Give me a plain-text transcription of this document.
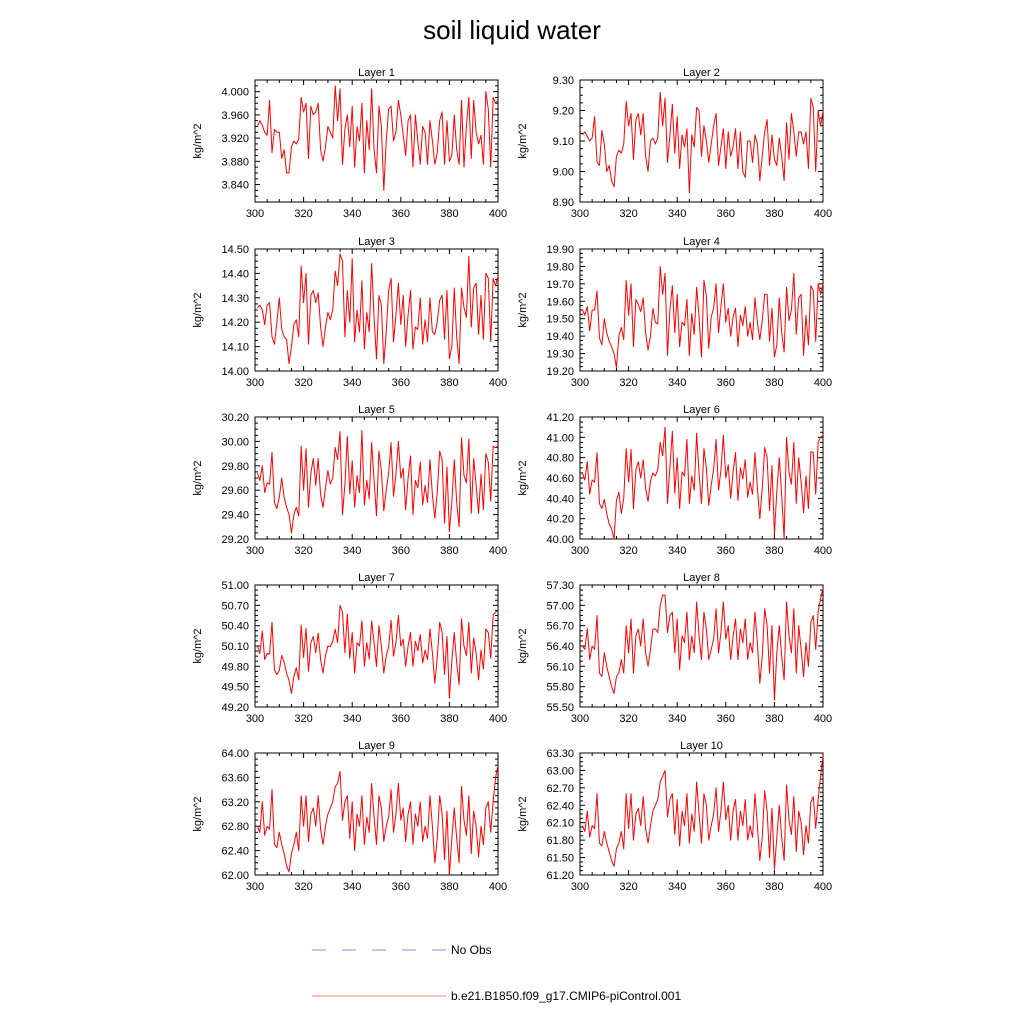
soil liquid water
Layer 1
300	320	340	360	380	400
3.840
3.880
3.920
3.960
4.000
kg/m^2
Layer 2
300	320	340	360	380	400
8.90
9.00
9.10
9.20
9.30
kg/m^2
Layer 3
300	320	340	360	380	400
14.00
14.10
14.20
14.30
14.40
14.50
kg/m^2
Layer 4
300	320	340	360	380	400
19.20
19.30
19.40
19.50
19.60
19.70
19.80
19.90
kg/m^2
Layer 5
300	320	340	360	380	400
29.20
29.40
29.60
29.80
30.00
30.20
kg/m^2
Layer 6
300	320	340	360	380	400
40.00
40.20
40.40
40.60
40.80
41.00
41.20
kg/m^2
Layer 7
300	320	340	360	380	400
49.20
49.50
49.80
50.10
50.40
50.70
51.00
kg/m^2
Layer 8
300	320	340	360	380	400
55.50
55.80
56.10
56.40
56.70
57.00
57.30
kg/m^2
Layer 9
300	320	340	360	380	400
62.00
62.40
62.80
63.20
63.60
64.00
kg/m^2
Layer 10
300	320	340	360	380	400
61.20
61.50
61.80
62.10
62.40
62.70
63.00
63.30
kg/m^2
No Obs
b.e21.B1850.f09_g17.CMIP6-piControl.001
